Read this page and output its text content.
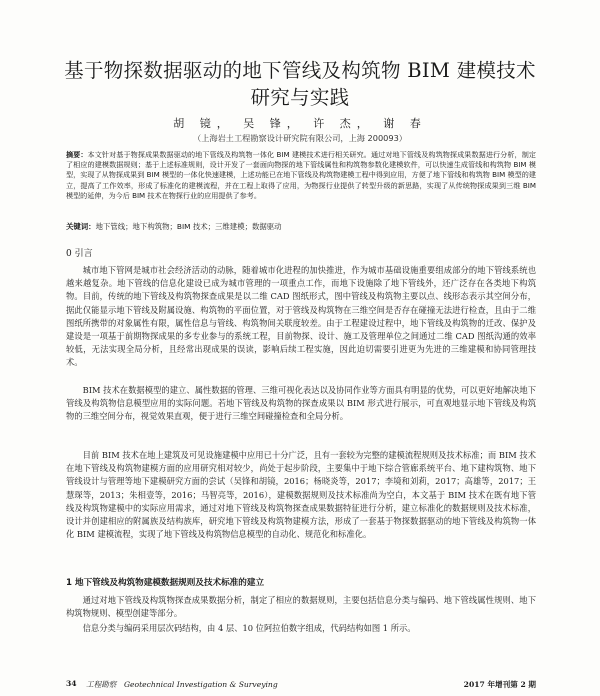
基于物探数据驱动的地下管线及构筑物 BIM 建模技术研究与实践
胡 镜， 吴 锋， 许 杰， 谢 春
（上海岩土工程勘察设计研究院有限公司，上海 200093）
摘要：本文针对基于物探成果数据驱动的地下管线及构筑物一体化 BIM 建模技术进行相关研究。通过对地下管线及构筑物探成果数据进行分析，制定了相应的建模数据规则；基于上述标准规则，设计开发了一套面向物探的地下管线属性和构筑物参数化建模软件，可以快速生成管线和构筑物 BIM 模型，实现了从物探成果到 BIM 模型的一体化快速建模，上述功能已在地下管线及构筑物建模工程中得到应用，方便了地下管线和构筑物 BIM 模型的建立，提高了工作效率，形成了标准化的建模流程，并在工程上取得了应用，为物探行业提供了转型升级的新思路，实现了从传统物探成果到三维 BIM 模型的延伸，为今后 BIM 技术在物探行业的应用提供了参考。
关键词：地下管线；地下构筑物；BIM 技术；三维建模；数据驱动
0 引言

城市地下管网是城市社会经济活动的动脉，随着城市化进程的加快推进，作为城市基础设施重要组成部分的地下管线系统也越来越复杂。地下管线的信息化建设已成为城市管理的一项重点工作，而地下设施除了地下管线外，还广泛存在各类地下构筑物。目前，传统的地下管线及构筑物探查成果是以二维 CAD 图纸形式，图中管线及构筑物主要以点、线形态表示其空间分布，据此仅能显示地下管线及附属设施、构筑物的平面位置，对于管线及构筑物在三维空间是否存在碰撞无法进行检查，且由于二维图纸所携带的对象属性有限，属性信息与管线、构筑物间关联度较差。由于工程建设过程中，地下管线及构筑物的迁改、保护及建设是一项基于前期物探成果的多专业参与的系统工程，目前物探、设计、施工及管理单位之间通过二维 CAD 图纸沟通的效率较低，无法实现全局分析，且经常出现成果的误读，影响后续工程实施，因此迫切需要引进更为先进的三维建模和协同管理技术。

BIM 技术在数据模型的建立、属性数据的管理、三维可视化表达以及协同作业等方面具有明显的优势，可以更好地解决地下管线及构筑物信息模型应用的实际问题。若地下管线及构筑物的探查成果以 BIM 形式进行展示，可直观地显示地下管线及构筑物的三维空间分布，视觉效果直观，便于进行三维空间碰撞检查和全局分析。

目前 BIM 技术在地上建筑及可见设施建模中应用已十分广泛，且有一套较为完整的建模流程规则及技术标准；而 BIM 技术在地下管线及构筑物建模方面的应用研究相对较少，尚处于起步阶段，主要集中于地下综合管廊系统平台、地下建构筑物、地下管线设计与管理等地下建模研究方面的尝试（吴锋和胡镜，2016；杨晓炎等，2017；李境和刘莉，2017；高雄等，2017；王慧琛等，2013；朱相壹等，2016；马智亮等，2016），建模数据规则及技术标准尚为空白，本文基于 BIM 技术在既有地下管线及构筑物建模中的实际应用需求，通过对地下管线及构筑物探查成果数据特征进行分析，建立标准化的数据规则及技术标准，设计并创建相应的附属族及结构族库，研究地下管线及构筑物建模方法，形成了一套基于物探数据驱动的地下管线及构筑物一体化 BIM 建模流程，实现了地下管线及构筑物信息模型的自动化、规范化和标准化。

1 地下管线及构筑物建模数据规则及技术标准的建立

通过对地下管线及构筑物探查成果数据分析，制定了相应的数据规则，主要包括信息分类与编码、地下管线属性规则、地下构筑物规则、模型创建等部分。

信息分类与编码采用层次码结构，由 4 层、10 位阿拉伯数字组成，代码结构如图 1 所示。

34 工程勘察　Geotechnical Investigation & Surveying	2017 年增刊第 2 期
